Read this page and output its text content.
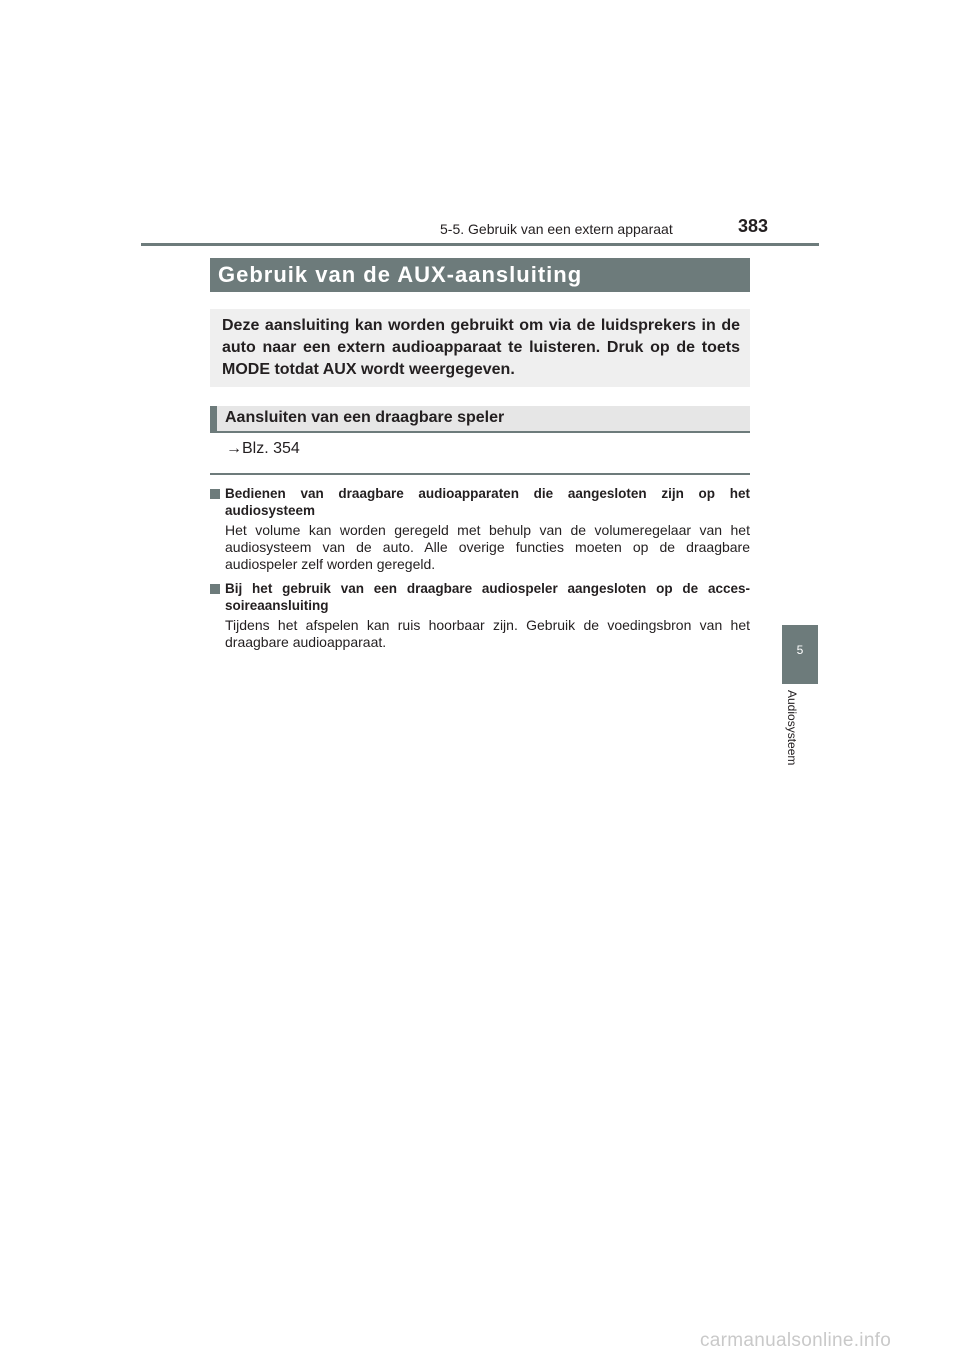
5-5. Gebruik van een extern apparaat	383
Gebruik van de AUX-aansluiting
Deze aansluiting kan worden gebruikt om via de luidsprekers in de auto naar een extern audioapparaat te luisteren. Druk op de toets MODE totdat AUX wordt weergegeven.
Aansluiten van een draagbare speler
→Blz. 354
Bedienen van draagbare audioapparaten die aangesloten zijn op het audiosysteem
Het volume kan worden geregeld met behulp van de volumeregelaar van het audiosysteem van de auto. Alle overige functies moeten op de draagbare audiospeler zelf worden geregeld.
Bij het gebruik van een draagbare audiospeler aangesloten op de acces-soireaansluiting
Tijdens het afspelen kan ruis hoorbaar zijn. Gebruik de voedingsbron van het draagbare audioapparaat.	5
Audiosysteem
carmanualsonline.info
